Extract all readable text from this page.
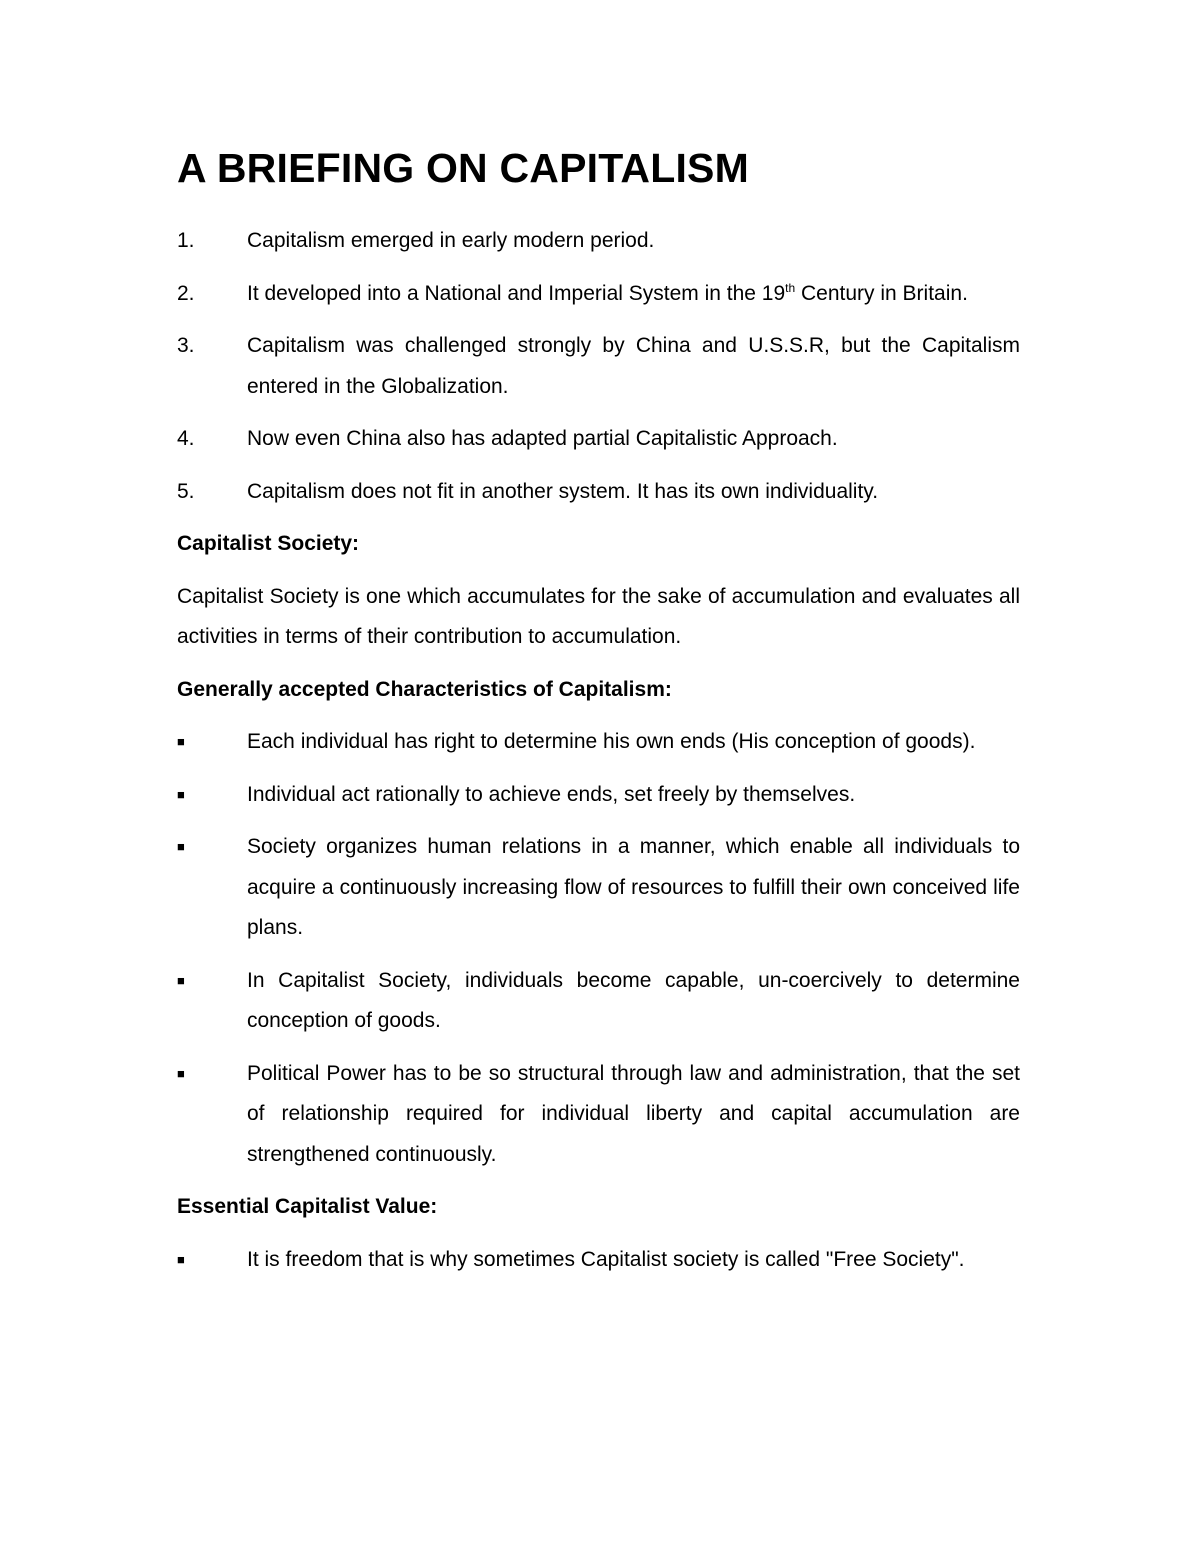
A BRIEFING ON CAPITALISM
1.	Capitalism emerged in early modern period.
2.	It developed into a National and Imperial System in the 19th Century in Britain.
3.	Capitalism was challenged strongly by China and U.S.S.R, but the Capitalism entered in the Globalization.
4.	Now even China also has adapted partial Capitalistic Approach.
5.	Capitalism does not fit in another system. It has its own individuality.
Capitalist Society:

Capitalist Society is one which accumulates for the sake of accumulation and evaluates all activities in terms of their contribution to accumulation.

Generally accepted Characteristics of Capitalism:
■	Each individual has right to determine his own ends (His conception of goods).
■	Individual act rationally to achieve ends, set freely by themselves.
■	Society organizes human relations in a manner, which enable all individuals to acquire a continuously increasing flow of resources to fulfill their own conceived life plans.
■	In Capitalist Society, individuals become capable, un-coercively to determine conception of goods.
■	Political Power has to be so structural through law and administration, that the set of relationship required for individual liberty and capital accumulation are strengthened continuously.
Essential Capitalist Value:
■	It is freedom that is why sometimes Capitalist society is called "Free Society".
